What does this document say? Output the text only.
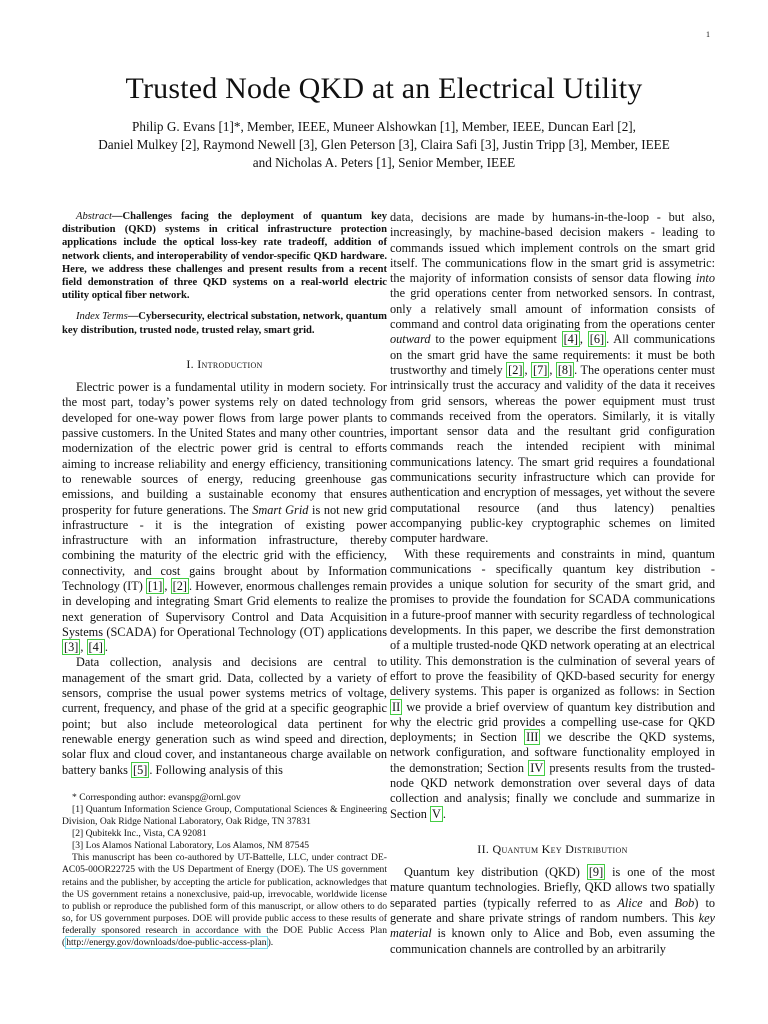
1
Trusted Node QKD at an Electrical Utility

Philip G. Evans [1]*, Member, IEEE, Muneer Alshowkan [1], Member, IEEE, Duncan Earl [2],

Daniel Mulkey [2], Raymond Newell [3], Glen Peterson [3], Claira Safi [3], Justin Tripp [3], Member, IEEE

and Nicholas A. Peters [1], Senior Member, IEEE

Abstract—Challenges facing the deployment of quantum key distribution (QKD) systems in critical infrastructure protection applications include the optical loss-key rate tradeoff, addition of network clients, and interoperability of vendor-specific QKD hardware. Here, we address these challenges and present results from a recent field demonstration of three QKD systems on a real-world electric utility optical fiber network.

Index Terms—Cybersecurity, electrical substation, network, quantum key distribution, trusted node, trusted relay, smart grid.

I. Introduction

Electric power is a fundamental utility in modern society. For the most part, today’s power systems rely on dated technology developed for one-way power flows from large power plants to passive customers. In the United States and many other countries, modernization of the electric power grid is central to efforts aiming to increase reliability and energy efficiency, transitioning to renewable sources of energy, reducing greenhouse gas emissions, and building a sustainable economy that ensures prosperity for future generations. The Smart Grid is not new grid infrastructure - it is the integration of existing power infrastructure with an information infrastructure, thereby combining the maturity of the electric grid with the efficiency, connectivity, and cost gains brought about by Information Technology (IT) [1] , [2] . However, enormous challenges remain in developing and integrating Smart Grid elements to realize the next generation of Supervisory Control and Data Acquisition Systems (SCADA) for Operational Technology (OT) applications [3] , [4] .

Data collection, analysis and decisions are central to management of the smart grid. Data, collected by a variety of sensors, comprise the usual power systems metrics of voltage, current, frequency, and phase of the grid at a specific geographic point; but also include meteorological data pertinent for renewable energy generation such as wind speed and direction, solar flux and cloud cover, and instantaneous charge available on battery banks [5] . Following analysis of this

* Corresponding author: evanspg@ornl.gov

[1] Quantum Information Science Group, Computational Sciences & Engineering Division, Oak Ridge National Laboratory, Oak Ridge, TN 37831

[2] Qubitekk Inc., Vista, CA 92081

[3] Los Alamos National Laboratory, Los Alamos, NM 87545

This manuscript has been co-authored by UT-Battelle, LLC, under contract DE-AC05-00OR22725 with the US Department of Energy (DOE). The US government retains and the publisher, by accepting the article for publication, acknowledges that the US government retains a nonexclusive, paid-up, irrevocable, worldwide license to publish or reproduce the published form of this manuscript, or allow others to do so, for US government purposes. DOE will provide public access to these results of federally sponsored research in accordance with the DOE Public Access Plan (http://energy.gov/downloads/doe-public-access-plan).

data, decisions are made by humans-in-the-loop - but also, increasingly, by machine-based decision makers - leading to commands issued which implement controls on the smart grid itself. The communications flow in the smart grid is assymetric: the majority of information consists of sensor data flowing into the grid operations center from networked sensors. In contrast, only a relatively small amount of information consists of command and control data originating from the operations center outward to the power equipment [4] , [6] . All communications on the smart grid have the same requirements: it must be both trustworthy and timely [2] , [7] , [8] . The operations center must intrinsically trust the accuracy and validity of the data it receives from grid sensors, whereas the power equipment must trust commands received from the operators. Similarly, it is vitally important sensor data and the resultant grid configuration commands reach the intended recipient with minimal communications latency. The smart grid requires a foundational communications security infrastructure which can provide for authentication and encryption of messages, yet without the severe computational resource (and thus latency) penalties accompanying public-key cryptographic schemes on limited computer hardware.

With these requirements and constraints in mind, quantum communications - specifically quantum key distribution - provides a unique solution for security of the smart grid, and promises to provide the foundation for SCADA communications in a future-proof manner with security regardless of technological developments. In this paper, we describe the first demonstration of a multiple trusted-node QKD network operating at an electrical utility. This demonstration is the culmination of several years of effort to prove the feasibility of QKD-based security for energy delivery systems. This paper is organized as follows: in Section II we provide a brief overview of quantum key distribution and why the electric grid provides a compelling use-case for QKD deployments; in Section III we describe the QKD systems, network configuration, and software functionality employed in the demonstration; Section IV presents results from the trusted-node QKD network demonstration over several days of data collection and analysis; finally we conclude and summarize in Section V .

II. Quantum Key Distribution

Quantum key distribution (QKD) [9] is one of the most mature quantum technologies. Briefly, QKD allows two spatially separated parties (typically referred to as Alice and Bob) to generate and share private strings of random numbers. This key material is known only to Alice and Bob, even assuming the communication channels are controlled by an arbitrarily
